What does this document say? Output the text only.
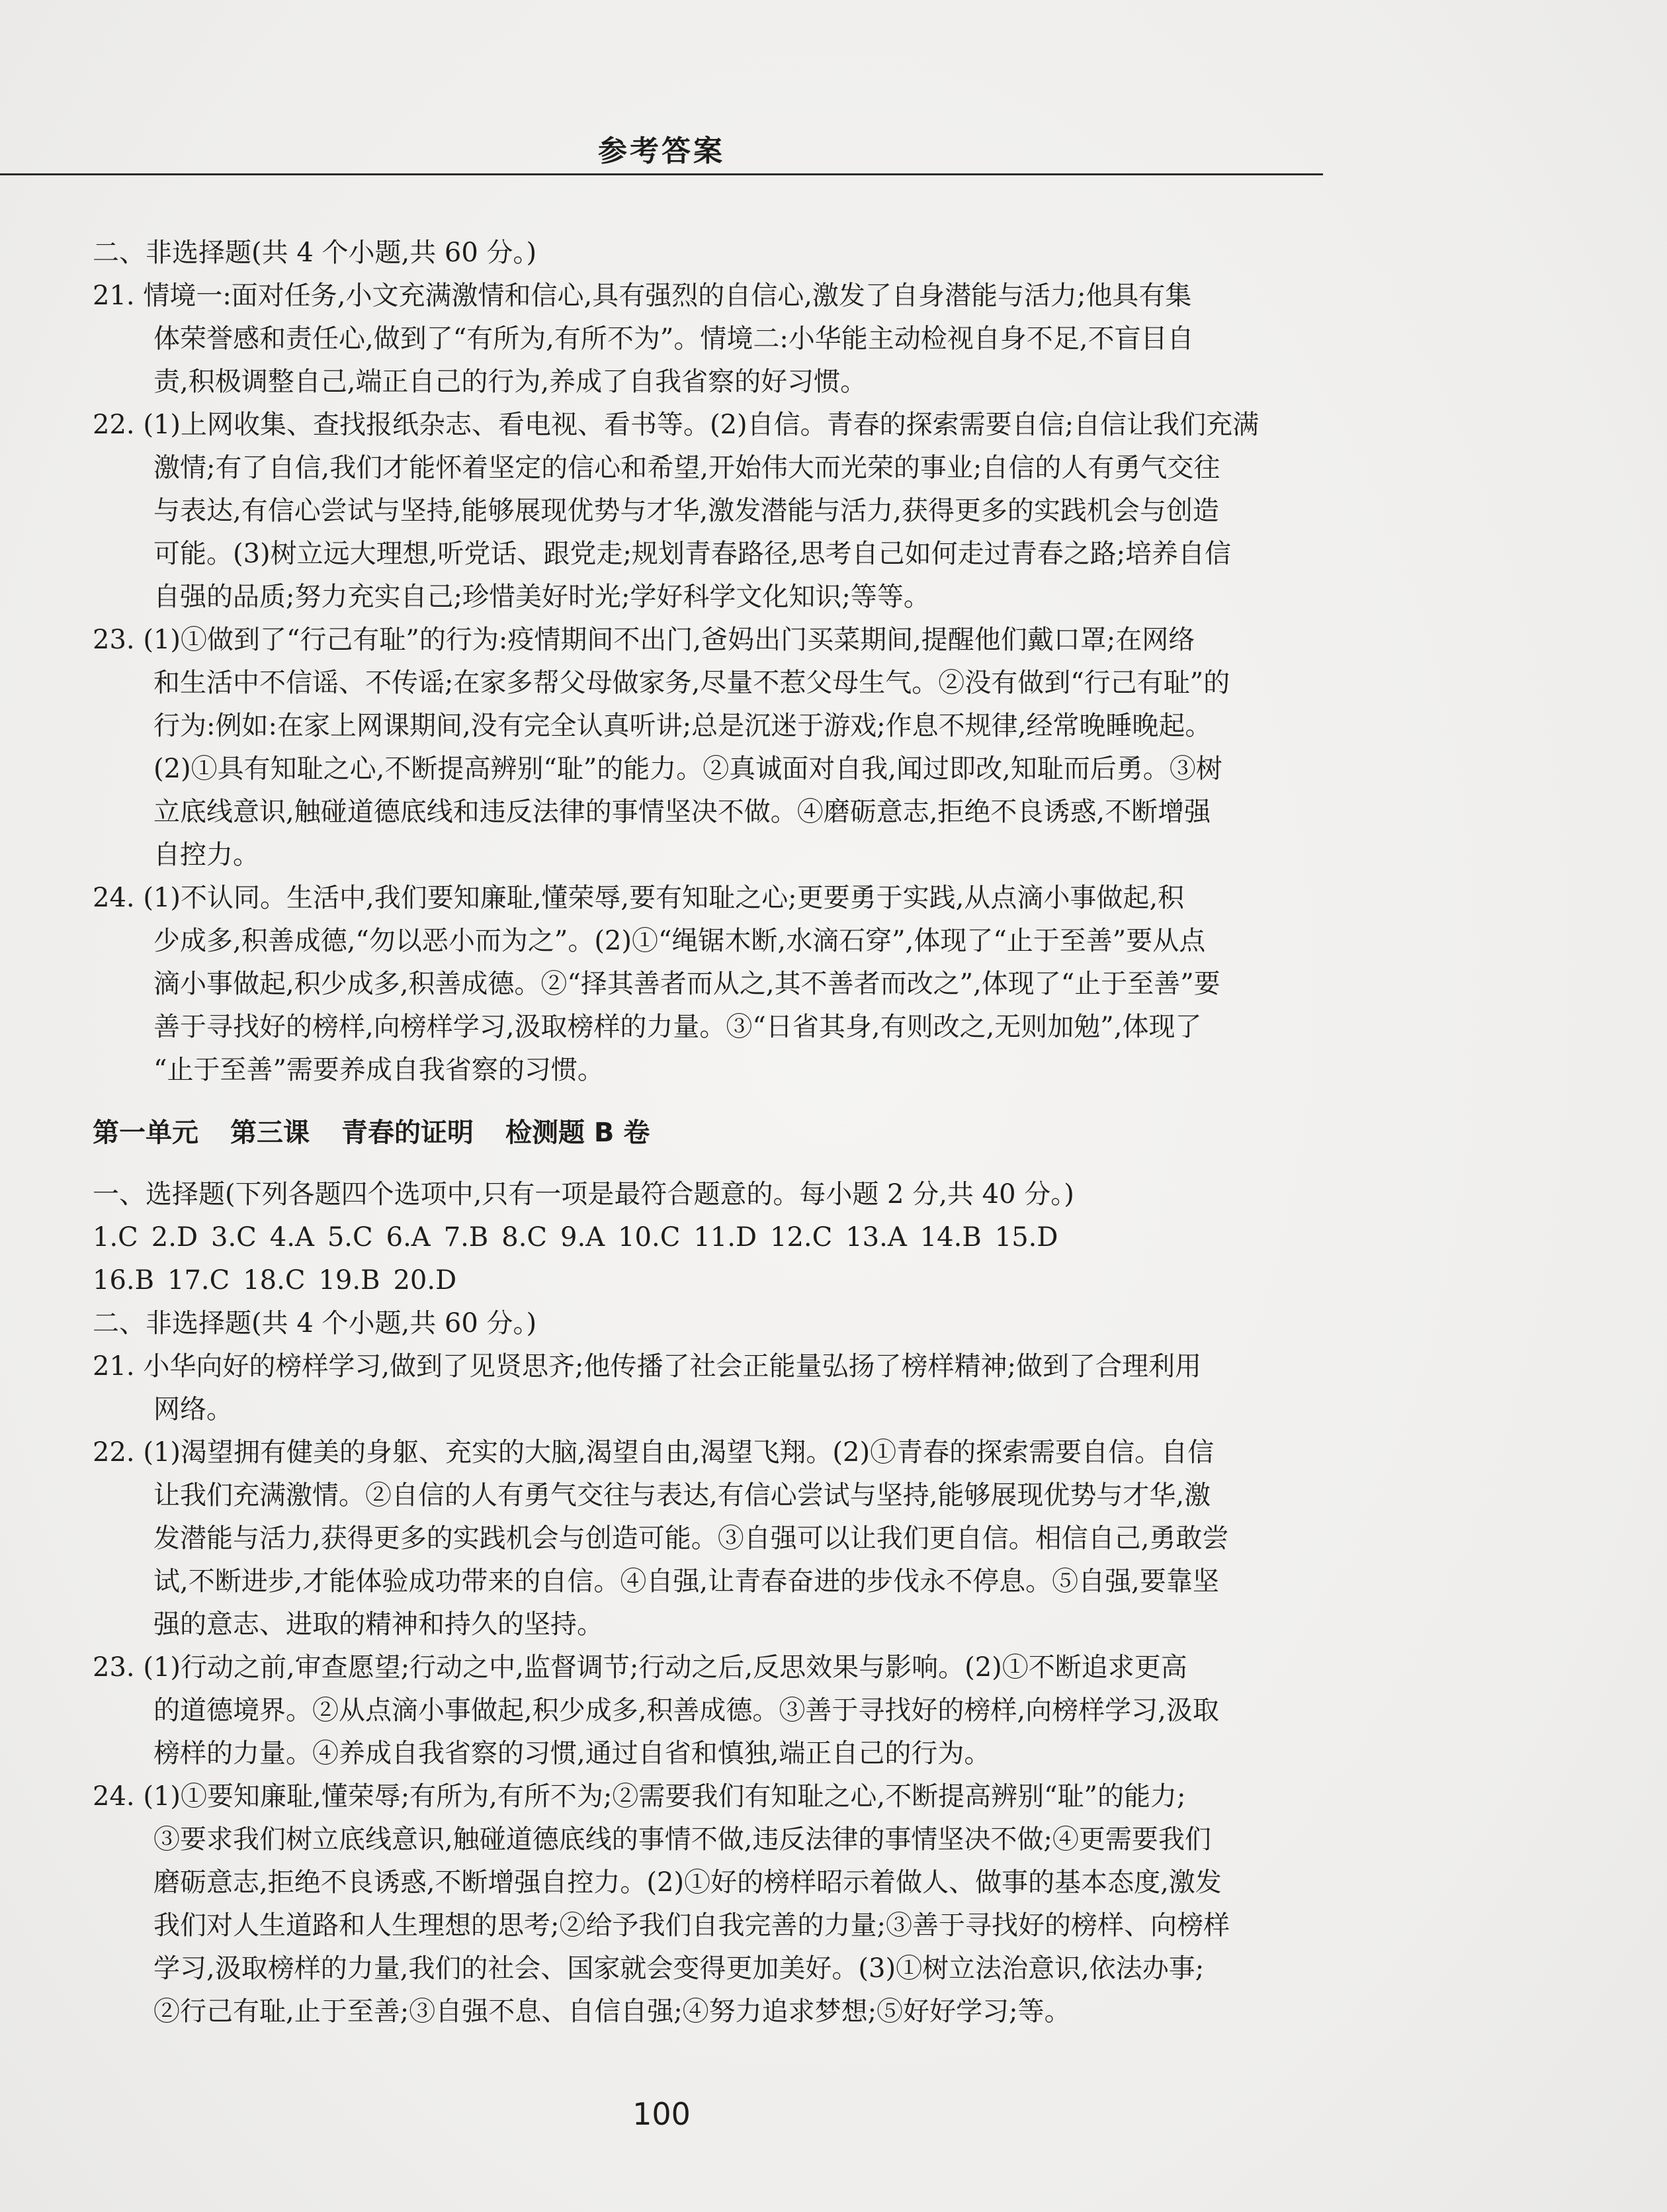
参考答案
二、非选择题(共 4 个小题,共 60 分。)
21. 情境一:面对任务,小文充满激情和信心,具有强烈的自信心,激发了自身潜能与活力;他具有集
体荣誉感和责任心,做到了“有所为,有所不为”。情境二:小华能主动检视自身不足,不盲目自
责,积极调整自己,端正自己的行为,养成了自我省察的好习惯。
22. (1)上网收集、查找报纸杂志、看电视、看书等。(2)自信。青春的探索需要自信;自信让我们充满
激情;有了自信,我们才能怀着坚定的信心和希望,开始伟大而光荣的事业;自信的人有勇气交往
与表达,有信心尝试与坚持,能够展现优势与才华,激发潜能与活力,获得更多的实践机会与创造
可能。(3)树立远大理想,听党话、跟党走;规划青春路径,思考自己如何走过青春之路;培养自信
自强的品质;努力充实自己;珍惜美好时光;学好科学文化知识;等等。
23. (1)①做到了“行己有耻”的行为:疫情期间不出门,爸妈出门买菜期间,提醒他们戴口罩;在网络
和生活中不信谣、不传谣;在家多帮父母做家务,尽量不惹父母生气。②没有做到“行己有耻”的
行为:例如:在家上网课期间,没有完全认真听讲;总是沉迷于游戏;作息不规律,经常晚睡晚起。
(2)①具有知耻之心,不断提高辨别“耻”的能力。②真诚面对自我,闻过即改,知耻而后勇。③树
立底线意识,触碰道德底线和违反法律的事情坚决不做。④磨砺意志,拒绝不良诱惑,不断增强
自控力。
24. (1)不认同。生活中,我们要知廉耻,懂荣辱,要有知耻之心;更要勇于实践,从点滴小事做起,积
少成多,积善成德,“勿以恶小而为之”。(2)①“绳锯木断,水滴石穿”,体现了“止于至善”要从点
滴小事做起,积少成多,积善成德。②“择其善者而从之,其不善者而改之”,体现了“止于至善”要
善于寻找好的榜样,向榜样学习,汲取榜样的力量。③“日省其身,有则改之,无则加勉”,体现了
“止于至善”需要养成自我省察的习惯。
第一单元 第三课 青春的证明 检测题 B 卷
一、选择题(下列各题四个选项中,只有一项是最符合题意的。每小题 2 分,共 40 分。)
1.C 2.D 3.C 4.A 5.C 6.A 7.B 8.C 9.A 10.C 11.D 12.C 13.A 14.B 15.D
16.B 17.C 18.C 19.B 20.D
二、非选择题(共 4 个小题,共 60 分。)
21. 小华向好的榜样学习,做到了见贤思齐;他传播了社会正能量弘扬了榜样精神;做到了合理利用
网络。
22. (1)渴望拥有健美的身躯、充实的大脑,渴望自由,渴望飞翔。(2)①青春的探索需要自信。自信
让我们充满激情。②自信的人有勇气交往与表达,有信心尝试与坚持,能够展现优势与才华,激
发潜能与活力,获得更多的实践机会与创造可能。③自强可以让我们更自信。相信自己,勇敢尝
试,不断进步,才能体验成功带来的自信。④自强,让青春奋进的步伐永不停息。⑤自强,要靠坚
强的意志、进取的精神和持久的坚持。
23. (1)行动之前,审查愿望;行动之中,监督调节;行动之后,反思效果与影响。(2)①不断追求更高
的道德境界。②从点滴小事做起,积少成多,积善成德。③善于寻找好的榜样,向榜样学习,汲取
榜样的力量。④养成自我省察的习惯,通过自省和慎独,端正自己的行为。
24. (1)①要知廉耻,懂荣辱;有所为,有所不为;②需要我们有知耻之心,不断提高辨别“耻”的能力;
③要求我们树立底线意识,触碰道德底线的事情不做,违反法律的事情坚决不做;④更需要我们
磨砺意志,拒绝不良诱惑,不断增强自控力。(2)①好的榜样昭示着做人、做事的基本态度,激发
我们对人生道路和人生理想的思考;②给予我们自我完善的力量;③善于寻找好的榜样、向榜样
学习,汲取榜样的力量,我们的社会、国家就会变得更加美好。(3)①树立法治意识,依法办事;
②行己有耻,止于至善;③自强不息、自信自强;④努力追求梦想;⑤好好学习;等。
100
